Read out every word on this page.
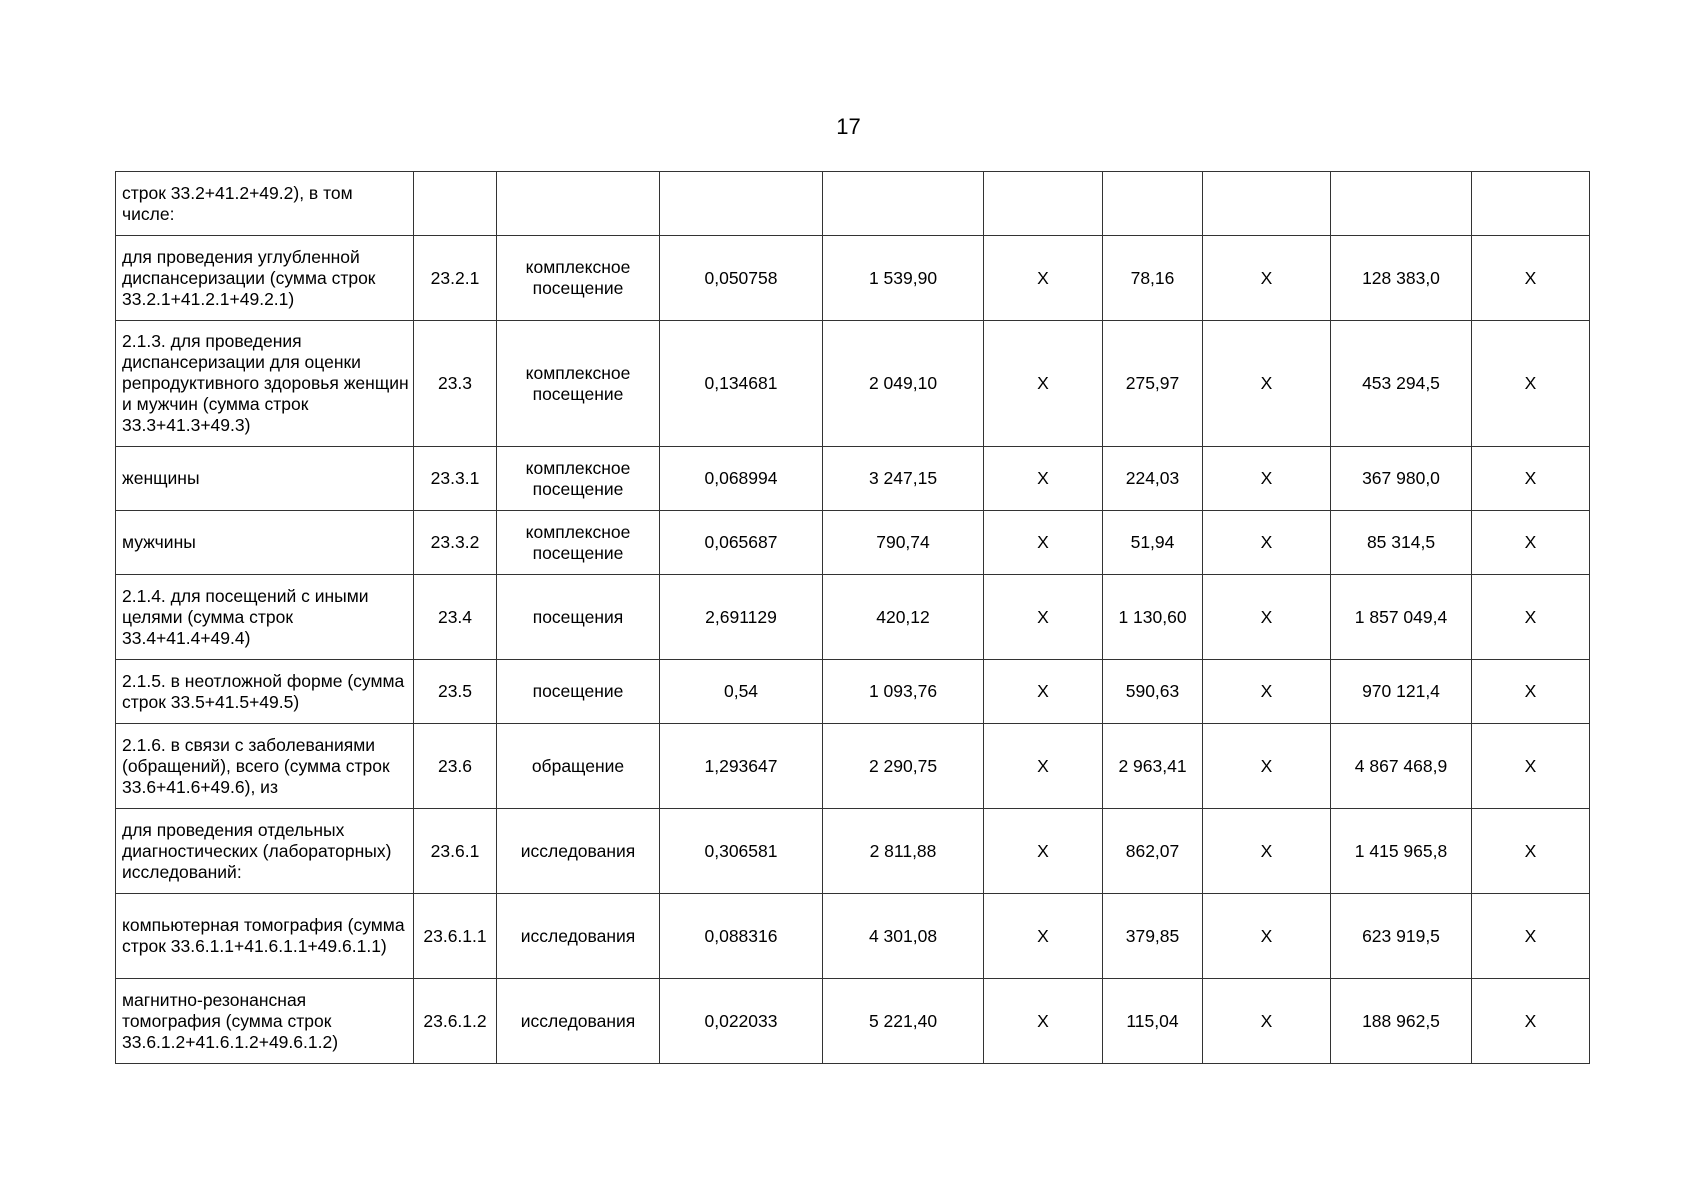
17
строк 33.2+41.2+49.2), в том числе:									
для проведения углубленной диспансеризации (сумма строк 33.2.1+41.2.1+49.2.1)	23.2.1	комплексное посещение	0,050758	1 539,90	X	78,16	X	128 383,0	X
2.1.3. для проведения диспансеризации для оценки репродуктивного здоровья женщин и мужчин (сумма строк 33.3+41.3+49.3)	23.3	комплексное посещение	0,134681	2 049,10	X	275,97	X	453 294,5	X
женщины	23.3.1	комплексное посещение	0,068994	3 247,15	X	224,03	X	367 980,0	X
мужчины	23.3.2	комплексное посещение	0,065687	790,74	X	51,94	X	85 314,5	X
2.1.4. для посещений с иными целями (сумма строк 33.4+41.4+49.4)	23.4	посещения	2,691129	420,12	X	1 130,60	X	1 857 049,4	X
2.1.5. в неотложной форме (сумма строк 33.5+41.5+49.5)	23.5	посещение	0,54	1 093,76	X	590,63	X	970 121,4	X
2.1.6. в связи с заболеваниями (обращений), всего (сумма строк 33.6+41.6+49.6), из	23.6	обращение	1,293647	2 290,75	X	2 963,41	X	4 867 468,9	X
для проведения отдельных диагностических (лабораторных) исследований:	23.6.1	исследования	0,306581	2 811,88	X	862,07	X	1 415 965,8	X
компьютерная томография (сумма строк 33.6.1.1+41.6.1.1+49.6.1.1)	23.6.1.1	исследования	0,088316	4 301,08	X	379,85	X	623 919,5	X
магнитно-резонансная томография (сумма строк 33.6.1.2+41.6.1.2+49.6.1.2)	23.6.1.2	исследования	0,022033	5 221,40	X	115,04	X	188 962,5	X
